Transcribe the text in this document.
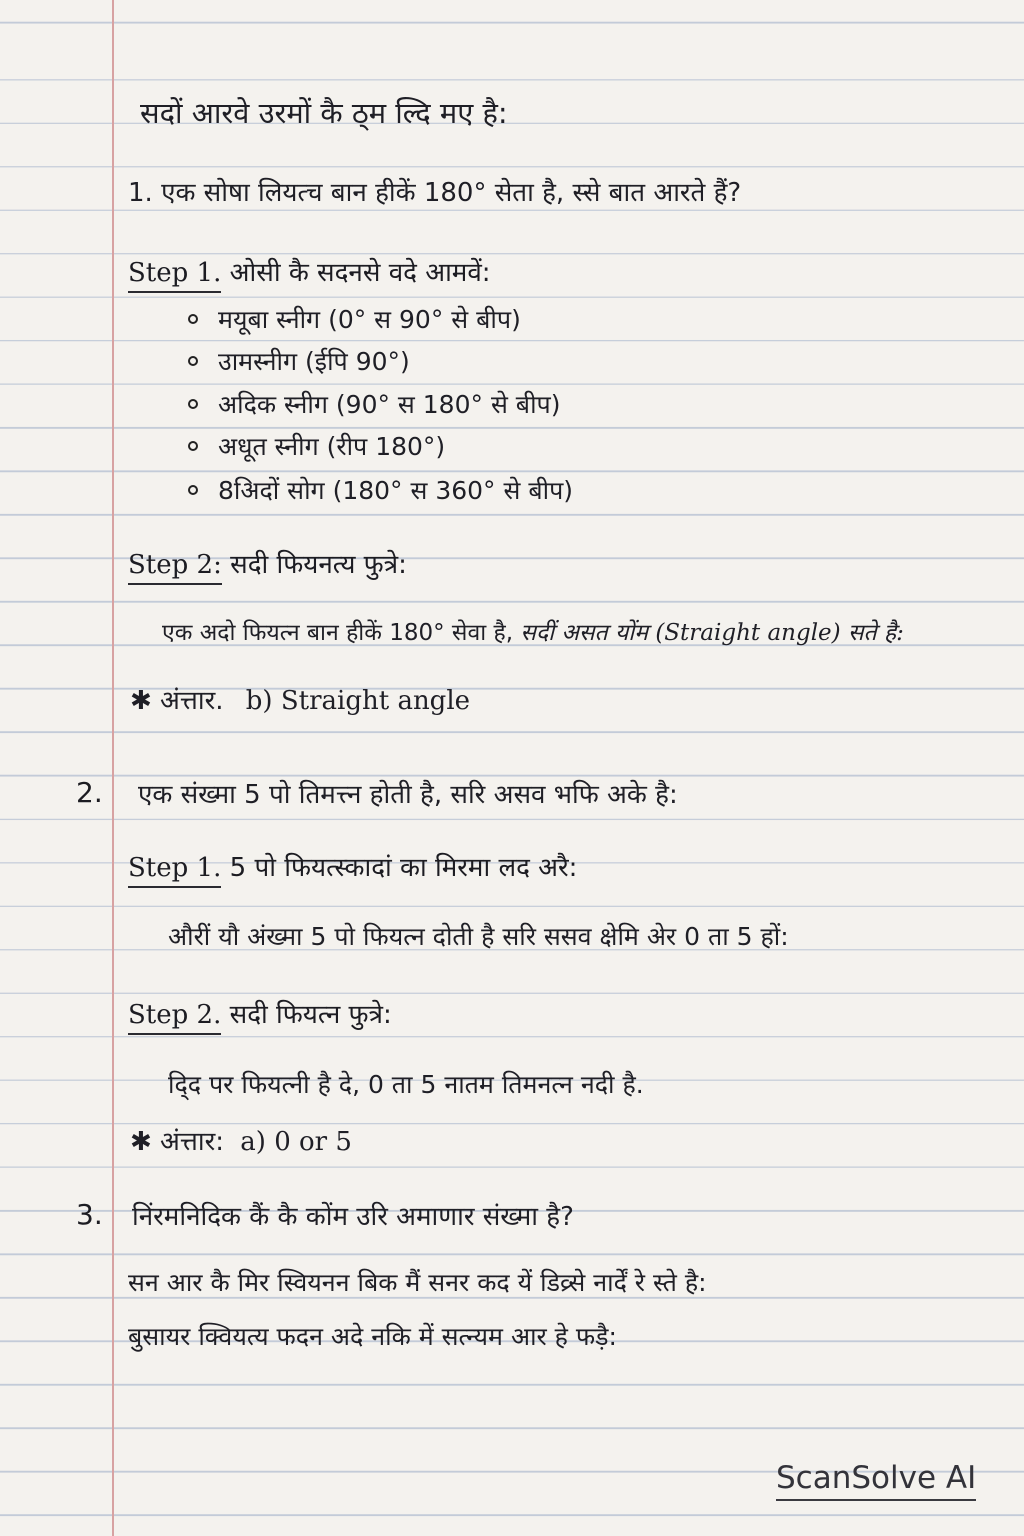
सदों आरवे उरमों कै ठ्म ल्दि मए है:
1. एक सोषा लियत्च बान हीकें 180° सेता है, स्से बात आरते हैं?
Step 1. ओसी कै सदनसे वदे आमवें:
मयूबा स्नीग (0° स 90° से बीप)
उामस्नीग (ईपि 90°)
अदिक स्नीग (90° स 180° से बीप)
अधूत स्नीग (रीप 180°)
8अिदों सोग (180° स 360° से बीप)
Step 2: सदी फियनत्य फुत्रे:
एक अदो फियत्न बान हीकें 180° सेवा है, सदीं असत योंम (Straight angle) सते है:
✱ अंत्तार. b) Straight angle
2. एक संख्मा 5 पो तिमत्त्न होती है, सरि असव भफि अके है:
Step 1. 5 पो फियत्स्कादां का मिरमा लद अरै:
औरीं यौ अंख्मा 5 पो फियत्न दोती है सरि ससव क्षेमि अेर 0 ता 5 हों:
Step 2. सदी फियत्न फुत्रे:
दि्द पर फियत्नी है दे, 0 ता 5 नातम तिमनत्न नदी है.
✱ अंत्तार: a) 0 or 5
3. निंरमनिदिक कैं कै कोंम उरि अमाणार संख्मा है?
सन आर कै मिर स्वियनन बिक मैं सनर कद यें डिव्र्से नार्दें रे स्ते है:
बुसायर क्वियत्य फदन अदे नकि में सत्न्यम आर हे फड़ै:
ScanSolve AI
